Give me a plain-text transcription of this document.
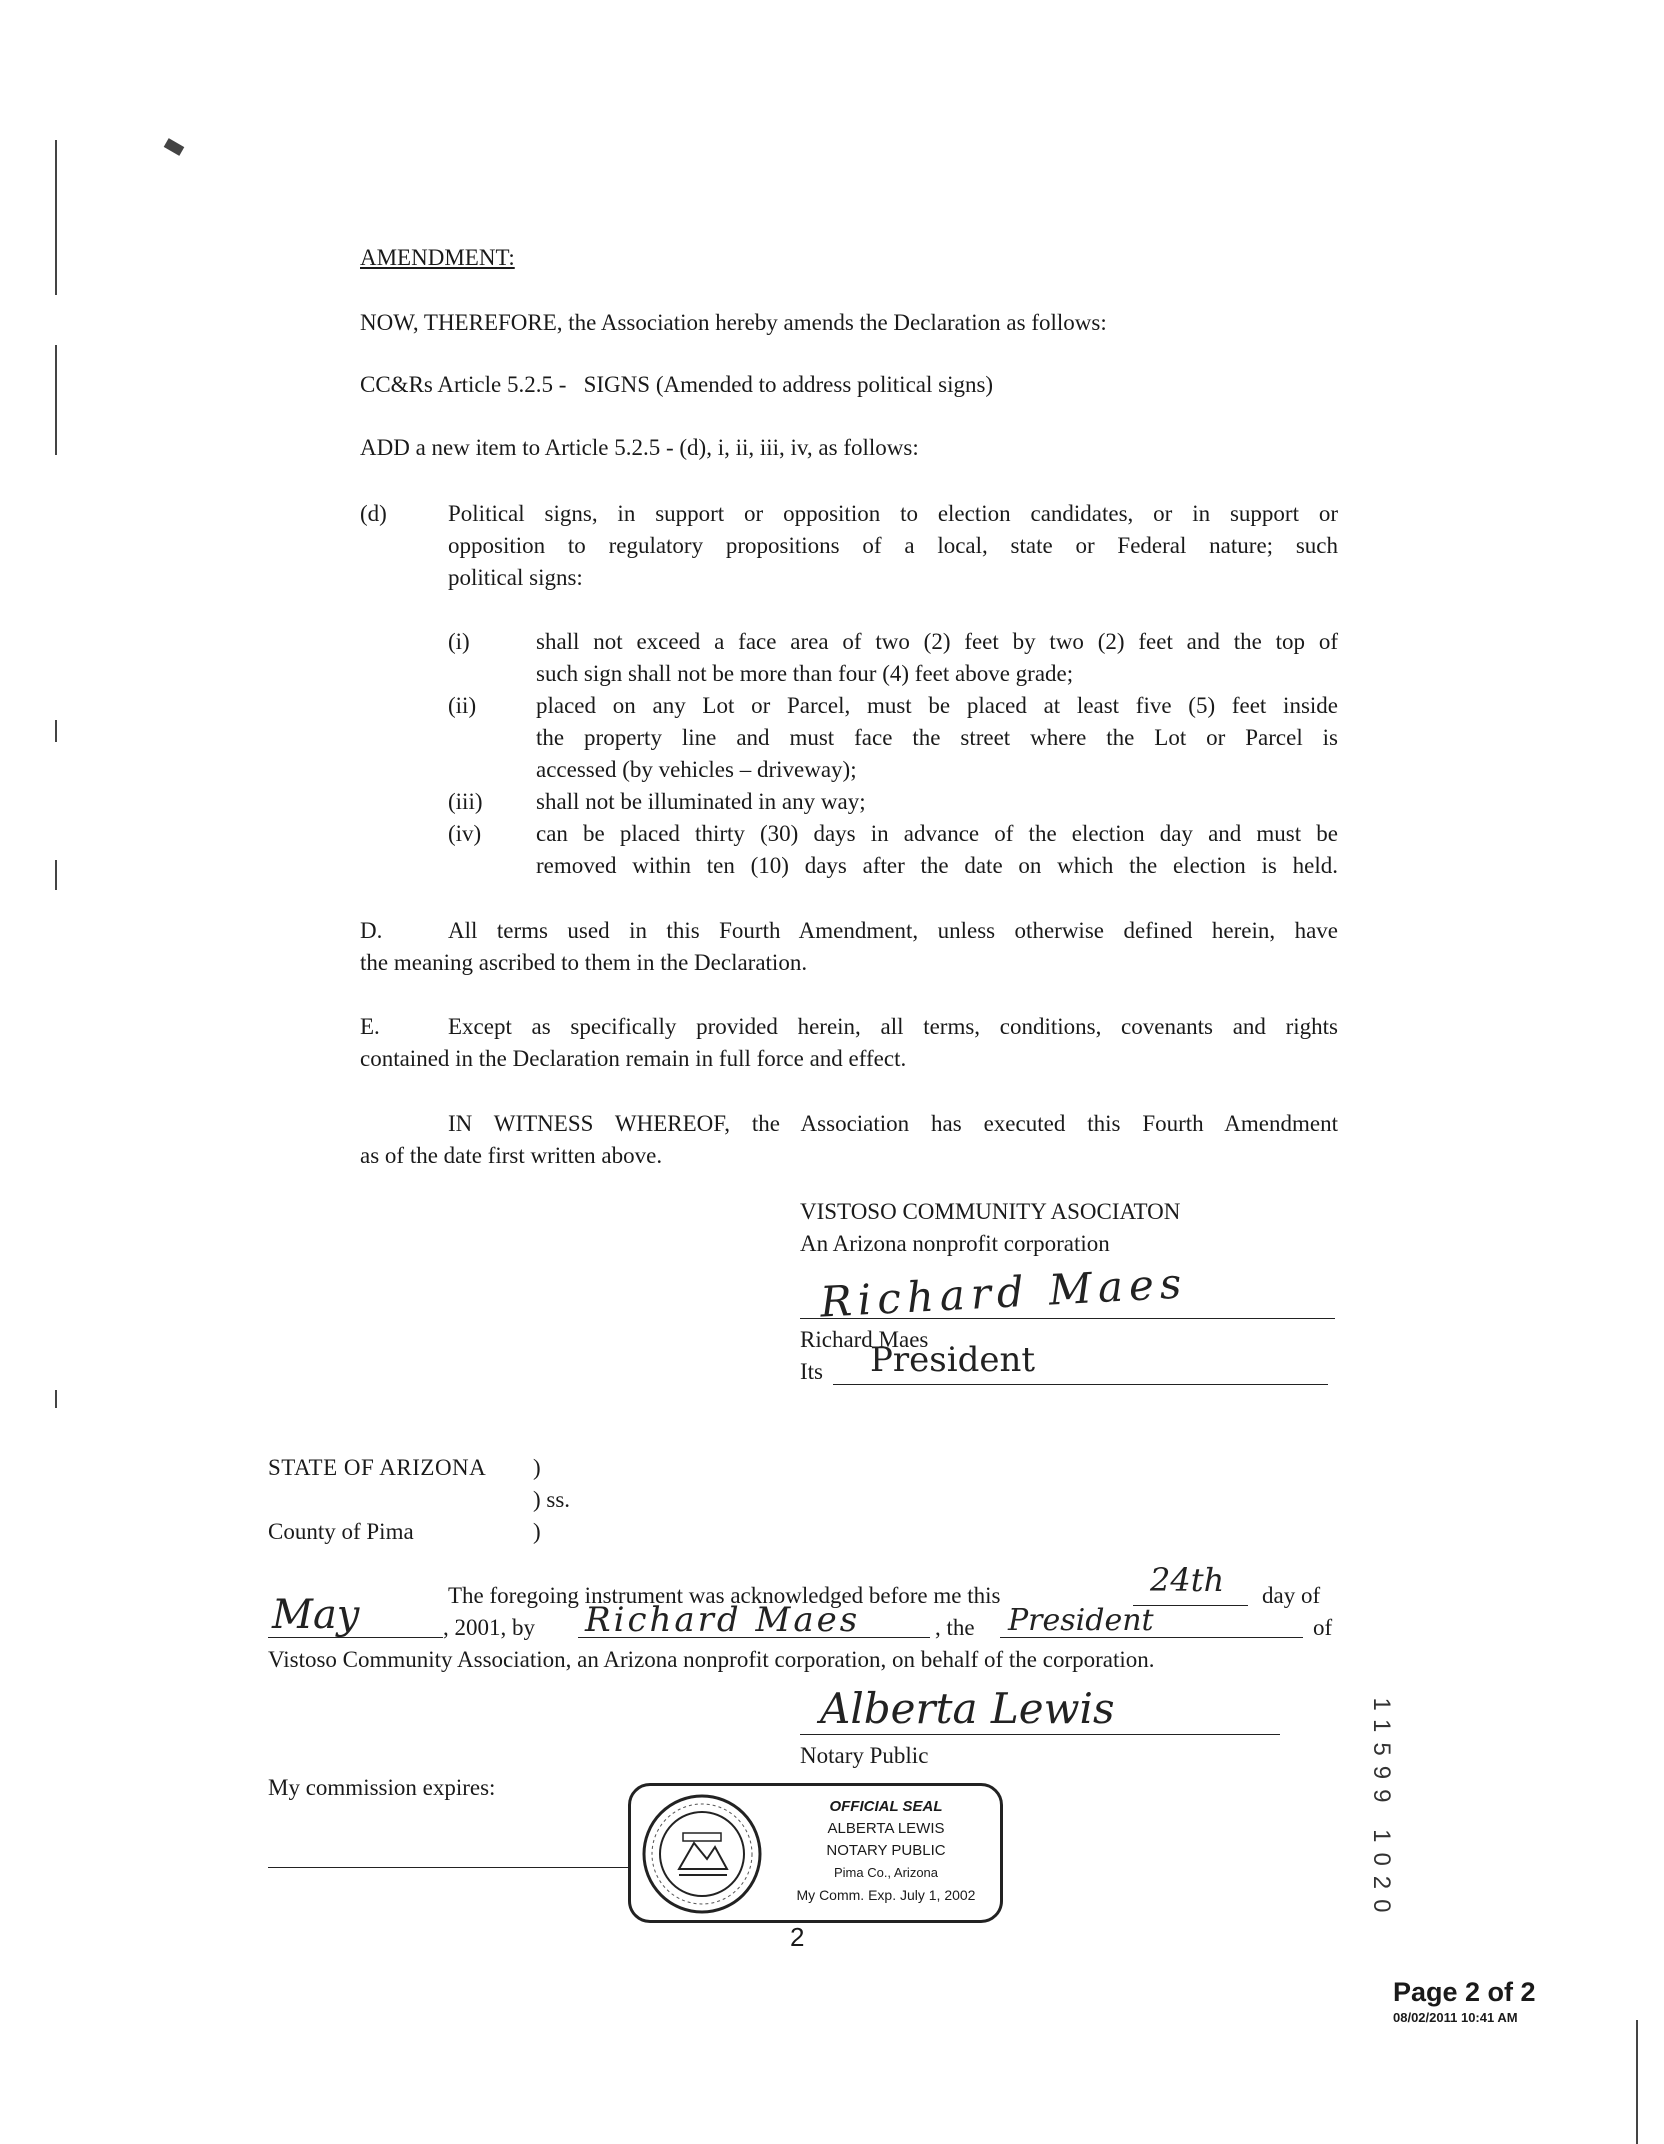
AMENDMENT:
NOW, THEREFORE, the Association hereby amends the Declaration as follows:
CC&Rs Article 5.2.5 -   SIGNS (Amended to address political signs)
ADD a new item to Article 5.2.5 - (d), i, ii, iii, iv, as follows:
(d)	Political signs, in support or opposition to election candidates, or in support or
opposition to regulatory propositions of a local, state or Federal nature; such
political signs:
(i)	shall not exceed a face area of two (2) feet by two (2) feet and the top of
such sign shall not be more than four (4) feet above grade;
(ii)	placed on any Lot or Parcel, must be placed at least five (5) feet inside
the property line and must face the street where the Lot or Parcel is
accessed (by vehicles – driveway);
(iii) shall not be illuminated in any way;
(iv) can be placed thirty (30) days in advance of the election day and must be
removed within ten (10) days after the date on which the election is held.
D.	All terms used in this Fourth Amendment, unless otherwise defined herein, have
the meaning ascribed to them in the Declaration.
E.	Except as specifically provided herein, all terms, conditions, covenants and rights
contained in the Declaration remain in full force and effect.
IN WITNESS WHEREOF, the Association has executed this Fourth Amendment
as of the date first written above.
VISTOSO COMMUNITY ASOCIATON
An Arizona nonprofit corporation
Richard Maes
Richard Maes
Its President
STATE OF ARIZONA )
) ss.
County of Pima	)
The foregoing instrument was acknowledged before me this	24th day of
May	, 2001, by Richard Maes	, the President	of
Vistoso Community Association, an Arizona nonprofit corporation, on behalf of the corporation.
Alberta Lewis
Notary Public
My commission expires:
OFFICIAL SEAL
ALBERTA LEWIS
NOTARY PUBLIC
Pima Co., Arizona
My Comm. Exp. July 1, 2002
2
11599 1020
Page 2 of 2
08/02/2011 10:41 AM
